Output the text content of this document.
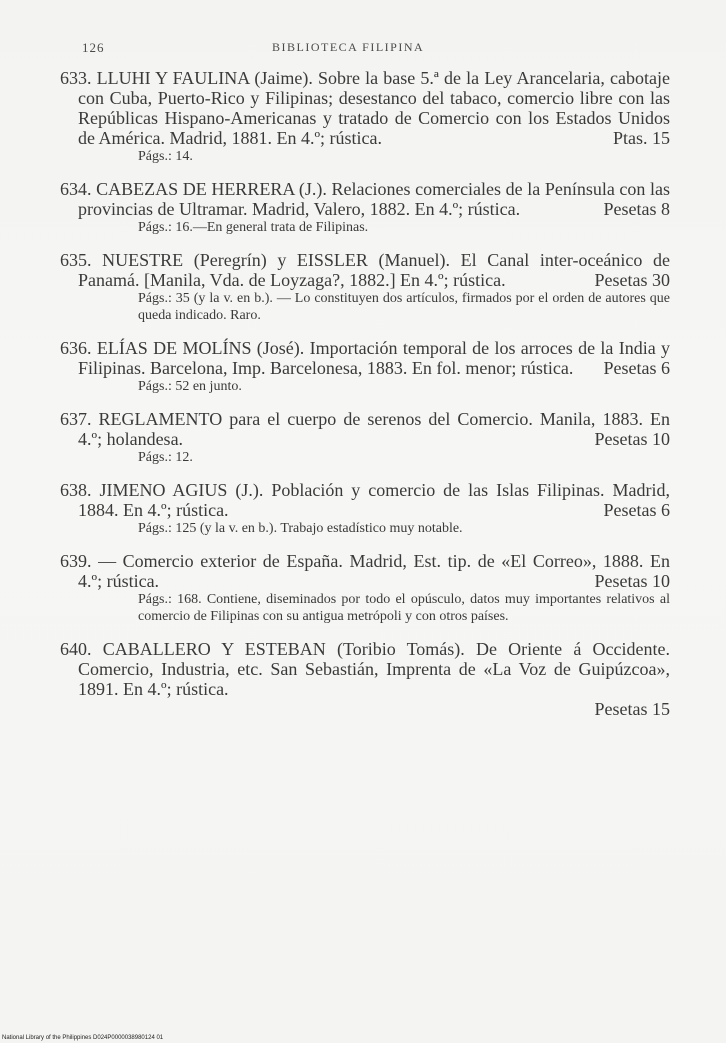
126	BIBLIOTECA FILIPINA

633. LLUHI Y FAULINA (Jaime). Sobre la base 5.ª de la Ley Arancelaria, cabotaje con Cuba, Puerto-Rico y Filipinas; desestanco del tabaco, comercio libre con las Repúblicas Hispano-Americanas y tratado de Comercio con los Estados Unidos de América. Madrid, 1881. En 4.º; rústica.	Ptas. 15

Págs.: 14.

634. CABEZAS DE HERRERA (J.). Relaciones comerciales de la Península con las provincias de Ultramar. Madrid, Valero, 1882. En 4.º; rústica.	Pesetas 8

Págs.: 16.—En general trata de Filipinas.

635. NUESTRE (Peregrín) y EISSLER (Manuel). El Canal inter-oceánico de Panamá. [Manila, Vda. de Loyzaga?, 1882.] En 4.º; rústica.	Pesetas 30

Págs.: 35 (y la v. en b.). — Lo constituyen dos artículos, firmados por el orden de autores que queda indicado. Raro.

636. ELÍAS DE MOLÍNS (José). Importación temporal de los arroces de la India y Filipinas. Barcelona, Imp. Barcelonesa, 1883. En fol. menor; rústica. Pesetas 6

Págs.: 52 en junto.

637. REGLAMENTO para el cuerpo de serenos del Comercio. Manila, 1883. En 4.º; holandesa.	Pesetas 10

Págs.: 12.

638. JIMENO AGIUS (J.). Población y comercio de las Islas Filipinas. Madrid, 1884. En 4.º; rústica.	Pesetas 6

Págs.: 125 (y la v. en b.). Trabajo estadístico muy notable.

639. — Comercio exterior de España. Madrid, Est. tip. de «El Correo», 1888. En 4.º; rústica.	Pesetas 10

Págs.: 168. Contiene, diseminados por todo el opúsculo, datos muy importantes relativos al comercio de Filipinas con su antigua metrópoli y con otros países.

640. CABALLERO Y ESTEBAN (Toribio Tomás). De Oriente á Occidente. Comercio, Industria, etc. San Sebastián, Imprenta de «La Voz de Guipúzcoa», 1891. En 4.º; rústica.

Pesetas 15

National Library of the Philippines D024P0000038980124 01
